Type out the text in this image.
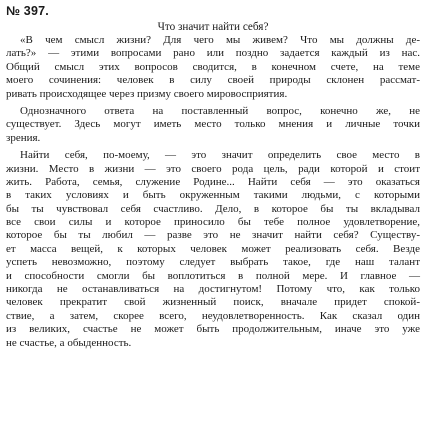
№ 397.
Что значит найти себя?
«В чем смысл жизни? Для чего мы живем? Что мы должны де-
лать?» — этими вопросами рано или поздно задается каждый из нас.
Общий смысл этих вопросов сводится, в конечном счете, на теме
моего сочинения: человек в силу своей природы склонен рассмат-
ривать происходящее через призму своего мировосприятия.
Однозначного ответа на поставленный вопрос, конечно же, не
существует. Здесь могут иметь место только мнения и личные точки
зрения.
Найти себя, по-моему, — это значит определить свое место в
жизни. Место в жизни — это своего рода цель, ради которой и стоит
жить. Работа, семья, служение Родине... Найти себя — это оказаться
в таких условиях и быть окруженным такими людьми, с которыми
бы ты чувствовал себя счастливо. Дело, в которое бы ты вкладывал
все свои силы и которое приносило бы тебе полное удовлетворение,
которое бы ты любил — разве это не значит найти себя? Существу-
ет масса вещей, к которых человек может реализовать себя. Везде
успеть невозможно, поэтому следует выбрать такое, где наш талант
и способности смогли бы воплотиться в полной мере. И главное —
никогда не останавливаться на достигнутом! Потому что, как только
человек прекратит свой жизненный поиск, вначале придет спокой-
ствие, а затем, скорее всего, неудовлетворенность. Как сказал один
из великих, счастье не может быть продолжительным, иначе это уже
не счастье, а обыденность.
